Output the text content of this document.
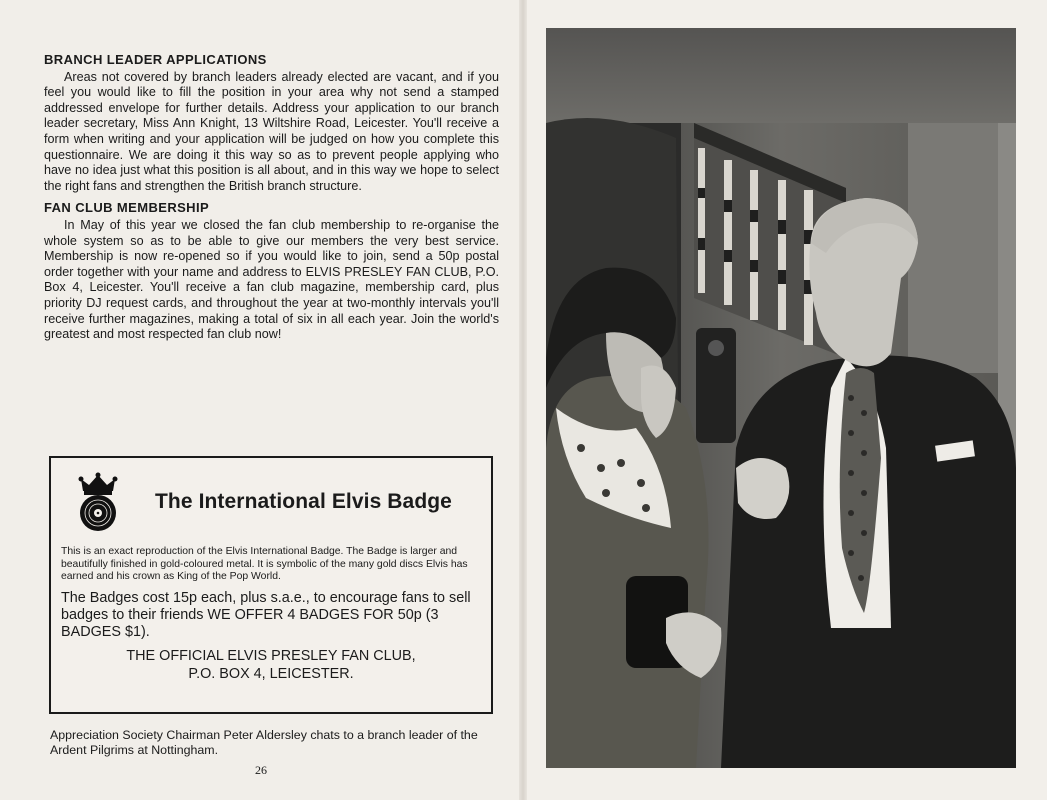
BRANCH LEADER APPLICATIONS

Areas not covered by branch leaders already elected are vacant, and if you feel you would like to fill the position in your area why not send a stamped addressed envelope for further details. Address your application to our branch leader secretary, Miss Ann Knight, 13 Wiltshire Road, Leicester. You'll receive a form when writing and your application will be judged on how you complete this questionnaire. We are doing it this way so as to prevent people applying who have no idea just what this position is all about, and in this way we hope to select the right fans and strengthen the British branch structure.

FAN CLUB MEMBERSHIP

In May of this year we closed the fan club membership to re-organise the whole system so as to be able to give our members the very best service. Membership is now re-opened so if you would like to join, send a 50p postal order together with your name and address to ELVIS PRESLEY FAN CLUB, P.O. Box 4, Leicester. You'll receive a fan club magazine, membership card, plus priority DJ request cards, and throughout the year at two-monthly intervals you'll receive further magazines, making a total of six in all each year. Join the world's greatest and most respected fan club now!

The International Elvis Badge

This is an exact reproduction of the Elvis International Badge. The Badge is larger and beautifully finished in gold-coloured metal. It is symbolic of the many gold discs Elvis has earned and his crown as King of the Pop World.

The Badges cost 15p each, plus s.a.e., to encourage fans to sell badges to their friends WE OFFER 4 BADGES FOR 50p (3 BADGES $1).

THE OFFICIAL ELVIS PRESLEY FAN CLUB,

P.O. BOX 4, LEICESTER.

Appreciation Society Chairman Peter Aldersley chats to a branch leader of the Ardent Pilgrims at Nottingham.
26
